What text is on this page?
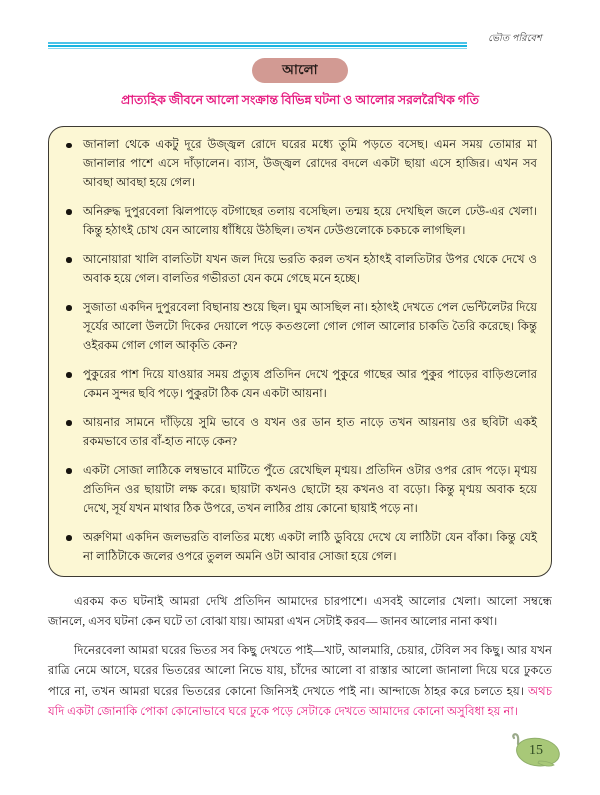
ভৌত পরিবেশ
আলো
প্রাত্যহিক জীবনে আলো সংক্রান্ত বিভিন্ন ঘটনা ও আলোর সরলরৈখিক গতি
জানালা থেকে একটু দূরে উজ্জ্বল রোদে ঘরের মধ্যে তুমি পড়তে বসেছ। এমন সময় তোমার মা জানালার পাশে এসে দাঁড়ালেন। ব্যাস, উজ্জ্বল রোদের বদলে একটা ছায়া এসে হাজির। এখন সব আবছা আবছা হয়ে গেল।
অনিরুদ্ধ দুপুরবেলা ঝিলপাড়ে বটগাছের তলায় বসেছিল। তন্ময় হয়ে দেখছিল জলে ঢেউ-এর খেলা। কিন্তু হঠাৎই চোখ যেন আলোয় ধাঁধিয়ে উঠছিল। তখন ঢেউগুলোকে চকচকে লাগছিল।
আনোয়ারা খালি বালতিটা যখন জল দিয়ে ভরতি করল তখন হঠাৎই বালতিটার উপর থেকে দেখে ও অবাক হয়ে গেল। বালতির গভীরতা যেন কমে গেছে মনে হচ্ছে।
সুজাতা একদিন দুপুরবেলা বিছানায় শুয়ে ছিল। ঘুম আসছিল না। হঠাৎই দেখতে পেল ভেন্টিলেটর দিয়ে সূর্যের আলো উলটো দিকের দেয়ালে পড়ে কতগুলো গোল গোল আলোর চাকতি তৈরি করেছে। কিন্তু ওইরকম গোল গোল আকৃতি কেন?
পুকুরের পাশ দিয়ে যাওয়ার সময় প্রত্যুষ প্রতিদিন দেখে পুকুরে গাছের আর পুকুর পাড়ের বাড়িগুলোর কেমন সুন্দর ছবি পড়ে। পুকুরটা ঠিক যেন একটা আয়না।
আয়নার সামনে দাঁড়িয়ে সুমি ভাবে ও যখন ওর ডান হাত নাড়ে তখন আয়নায় ওর ছবিটা একই রকমভাবে তার বাঁ-হাত নাড়ে কেন?
একটা সোজা লাঠিকে লম্বভাবে মাটিতে পুঁতে রেখেছিল মৃণ্ময়। প্রতিদিন ওটার ওপর রোদ পড়ে। মৃণ্ময় প্রতিদিন ওর ছায়াটা লক্ষ করে। ছায়াটা কখনও ছোটো হয় কখনও বা বড়ো। কিন্তু মৃণ্ময় অবাক হয়ে দেখে, সূর্য যখন মাথার ঠিক উপরে, তখন লাঠির প্রায় কোনো ছায়াই পড়ে না।
অরুণিমা একদিন জলভরতি বালতির মধ্যে একটা লাঠি ডুবিয়ে দেখে যে লাঠিটা যেন বাঁকা। কিন্তু যেই না লাঠিটাকে জলের ওপরে তুলল অমনি ওটা আবার সোজা হয়ে গেল।

এরকম কত ঘটনাই আমরা দেখি প্রতিদিন আমাদের চারপাশে। এসবই আলোর খেলা। আলো সম্বন্ধে জানলে, এসব ঘটনা কেন ঘটে তা বোঝা যায়। আমরা এখন সেটাই করব— জানব আলোর নানা কথা।

দিনেরবেলা আমরা ঘরের ভিতর সব কিছু দেখতে পাই—খাট, আলমারি, চেয়ার, টেবিল সব কিছু। আর যখন রাত্রি নেমে আসে, ঘরের ভিতরের আলো নিভে যায়, চাঁদের আলো বা রাস্তার আলো জানালা দিয়ে ঘরে ঢুকতে পারে না, তখন আমরা ঘরের ভিতরের কোনো জিনিসই দেখতে পাই না। আন্দাজে ঠাহর করে চলতে হয়। অথচ যদি একটা জোনাকি পোকা কোনোভাবে ঘরে ঢুকে পড়ে সেটাকে দেখতে আমাদের কোনো অসুবিধা হয় না।

15
